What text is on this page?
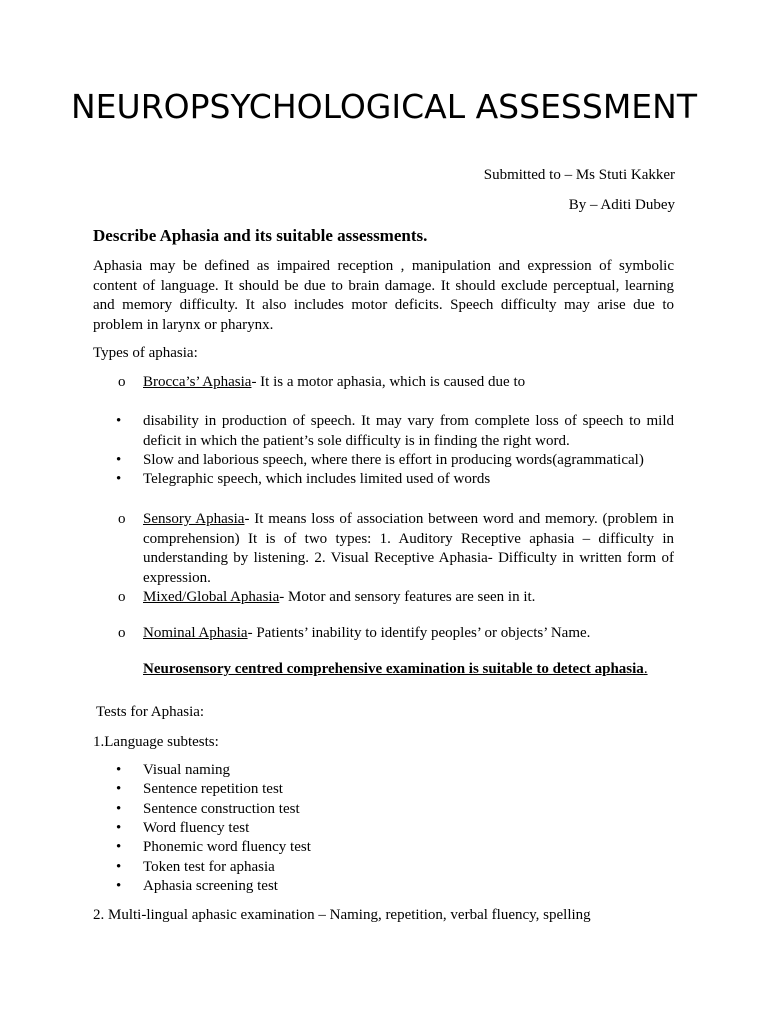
NEUROPSYCHOLOGICAL ASSESSMENT
Submitted to – Ms Stuti Kakker
By – Aditi Dubey
Describe Aphasia and its suitable assessments.
Aphasia may be defined as impaired reception , manipulation and expression of symbolic content of language. It should be due to brain damage. It should exclude perceptual, learning and memory difficulty. It also includes motor deficits. Speech difficulty may arise due to problem in larynx or pharynx.
Types of aphasia:
o	Brocca’s’ Aphasia- It is a motor aphasia, which is caused due to
•	disability in production of speech. It may vary from complete loss of speech to mild deficit in which the patient’s sole difficulty is in finding the right word.
•	Slow and laborious speech, where there is effort in producing words(agrammatical)
•	Telegraphic speech, which includes limited used of words
o	Sensory Aphasia- It means loss of association between word and memory. (problem in comprehension) It is of two types: 1. Auditory Receptive aphasia – difficulty in understanding by listening. 2. Visual Receptive Aphasia- Difficulty in written form of expression.
o	Mixed/Global Aphasia- Motor and sensory features are seen in it.
o	Nominal Aphasia- Patients’ inability to identify peoples’ or objects’ Name.
Neurosensory centred comprehensive examination is suitable to detect aphasia.
Tests for Aphasia:
1.Language subtests:
•	Visual naming
•	Sentence repetition test
•	Sentence construction test
•	Word fluency test
•	Phonemic word fluency test
•	Token test for aphasia
•	Aphasia screening test
2. Multi-lingual aphasic examination – Naming, repetition, verbal fluency, spelling
